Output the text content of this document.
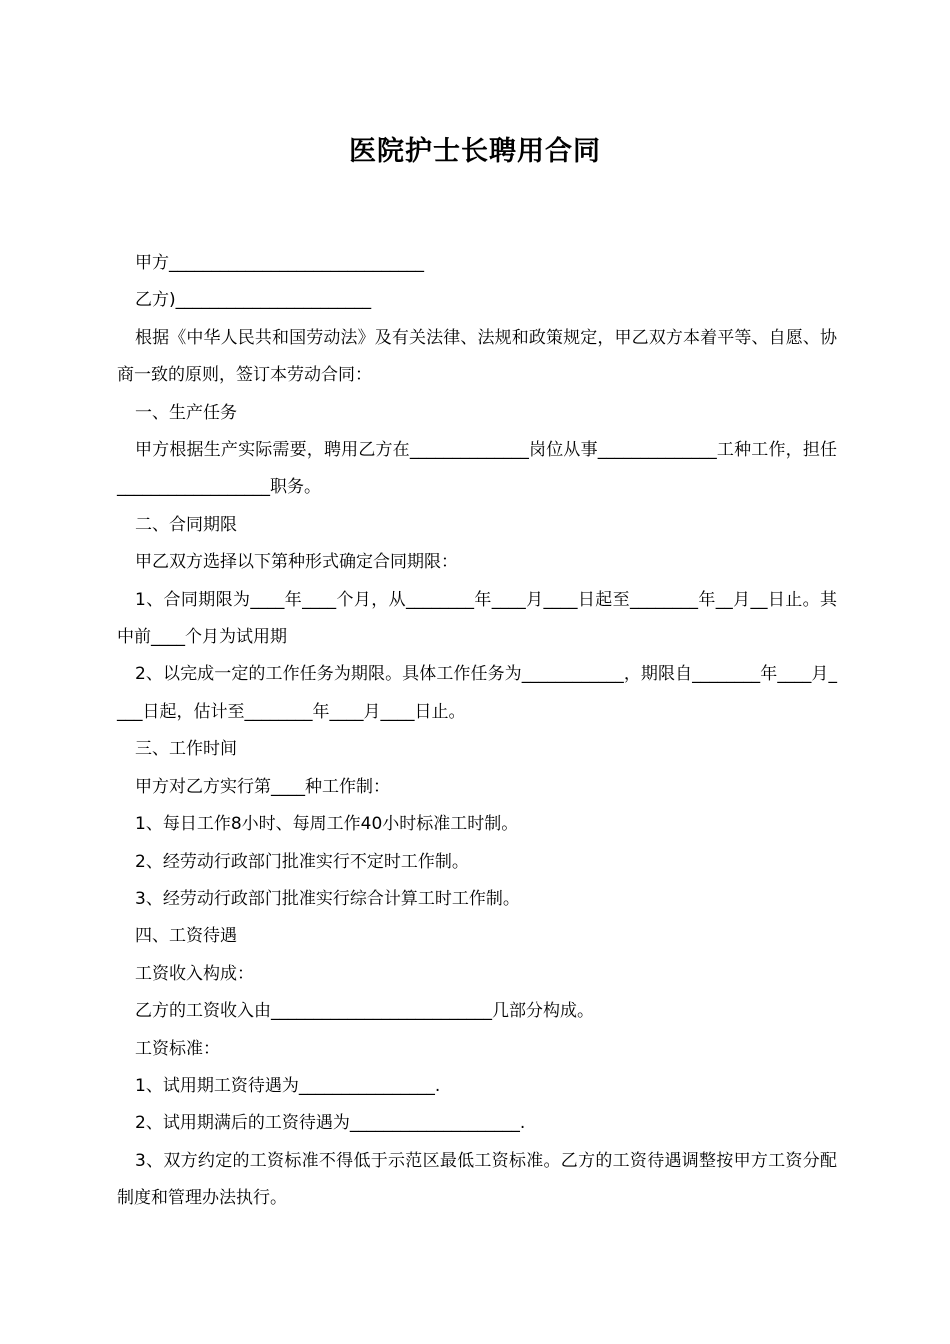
医院护士长聘用合同

甲方______________________________

乙方)_______________________

根据《中华人民共和国劳动法》及有关法律、法规和政策规定，甲乙双方本着平等、自愿、协商一致的原则，签订本劳动合同：

一、生产任务

甲方根据生产实际需要，聘用乙方在______________岗位从事______________工种工作，担任__________________职务。

二、合同期限

甲乙双方选择以下第种形式确定合同期限：

1、合同期限为____年____个月，从________年____月____日起至________年__月__日止。其中前____个月为试用期

2、以完成一定的工作任务为期限。具体工作任务为____________，期限自________年____月____日起，估计至________年____月____日止。

三、工作时间

甲方对乙方实行第____种工作制：

1、每日工作8小时、每周工作40小时标准工时制。

2、经劳动行政部门批准实行不定时工作制。

3、经劳动行政部门批准实行综合计算工时工作制。

四、工资待遇

工资收入构成：

乙方的工资收入由__________________________几部分构成。

工资标准：

1、试用期工资待遇为________________.

2、试用期满后的工资待遇为____________________.

3、双方约定的工资标准不得低于示范区最低工资标准。乙方的工资待遇调整按甲方工资分配制度和管理办法执行。
